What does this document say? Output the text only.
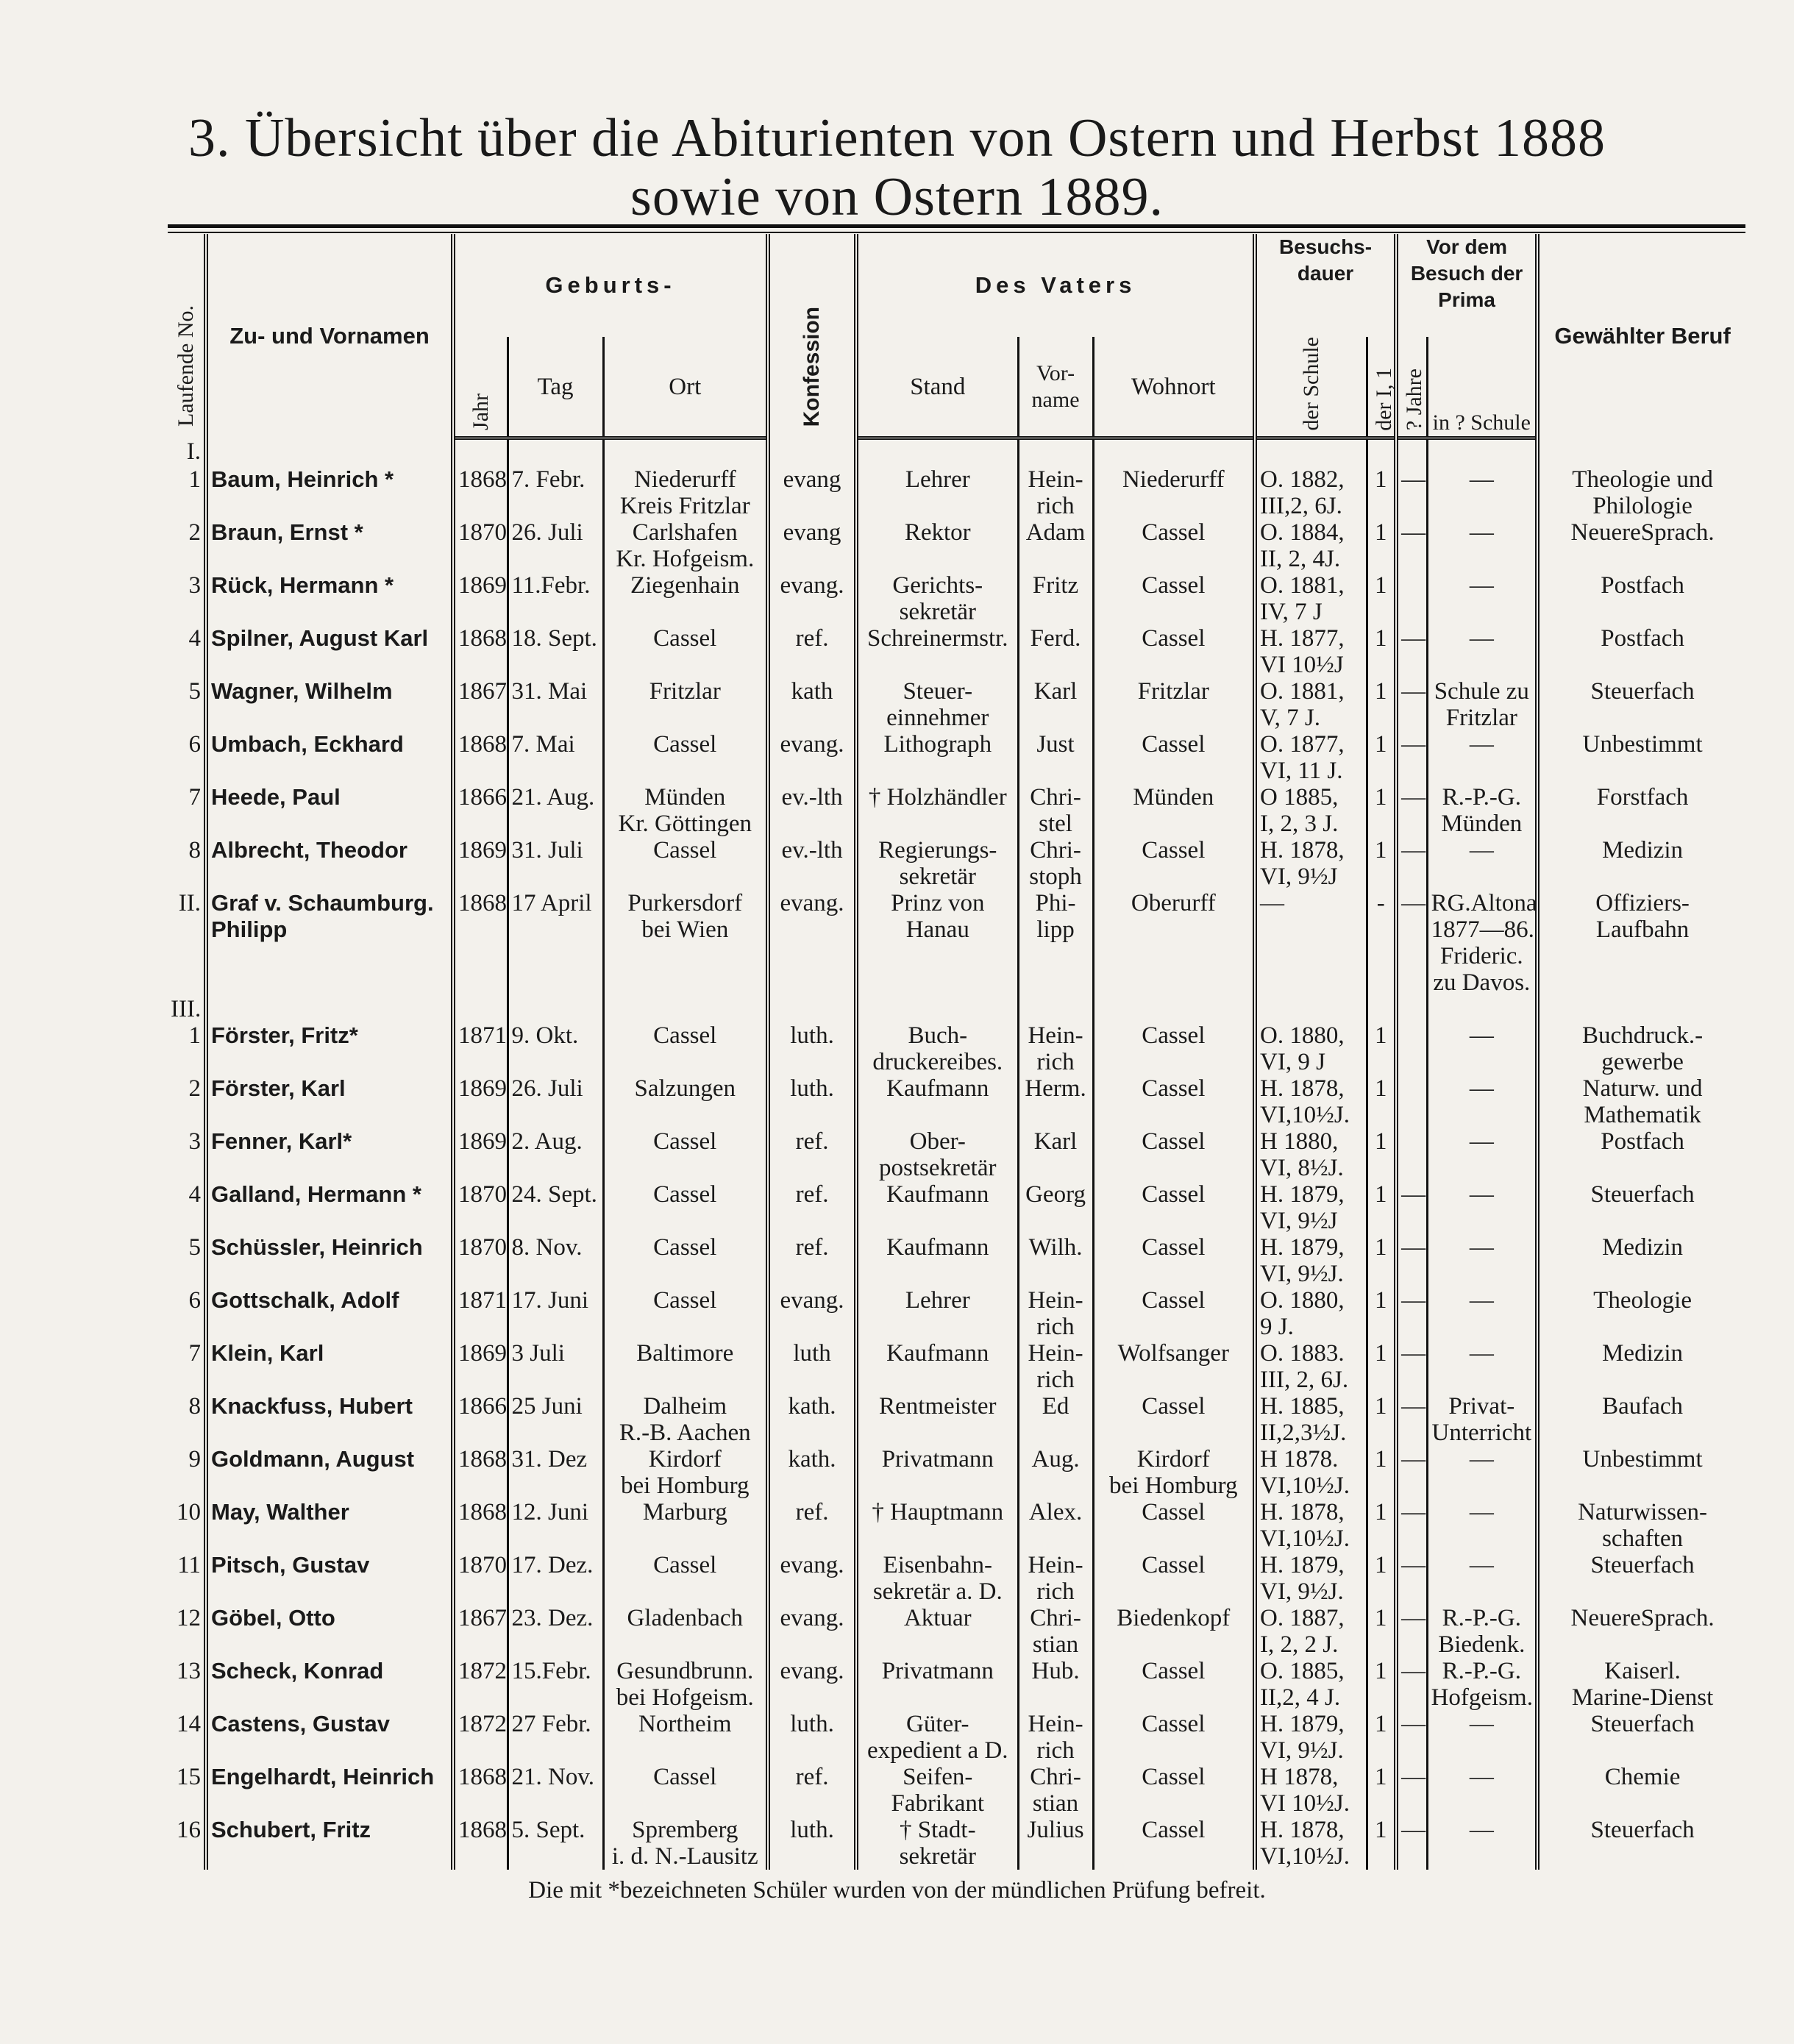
3. Übersicht über die Abiturienten von Ostern und Herbst 1888
sowie von Ostern 1889.
Laufende No.	Zu- und Vornamen	Geburts-			Konfession	Des Vaters			Besuchs-dauer		Vor dem Besuch der Prima		Gewählter Beruf
		Jahr	Tag	Ort		Stand	Vor-name	Wohnort	der Schule	der I, 1	? Jahre	in ? Schule	
I.													

1	Baum, Heinrich *	1868	7. Febr.	Niederurff
Kreis Fritzlar	evang	Lehrer	Hein-
rich	Niederurff	O. 1882,
III,2, 6J.	1	—	—	Theologie und
Philologie

2	Braun, Ernst *	1870	26. Juli	Carlshafen
Kr. Hofgeism.	evang	Rektor	Adam	Cassel	O. 1884,
II, 2, 4J.	1	—	—	NeuereSprach.

3	Rück, Hermann *	1869	11.Febr.	Ziegenhain	evang.	Gerichts-
sekretär	Fritz	Cassel	O. 1881,
IV, 7 J	1		—	Postfach

4	Spilner, August Karl	1868	18. Sept.	Cassel	ref.	Schreinermstr.	Ferd.	Cassel	H. 1877,
VI 10½J	1	—	—	Postfach

5	Wagner, Wilhelm	1867	31. Mai	Fritzlar	kath	Steuer-
einnehmer	Karl	Fritzlar	O. 1881,
V, 7 J.	1	—	Schule zu
Fritzlar	Steuerfach

6	Umbach, Eckhard	1868	7. Mai	Cassel	evang.	Lithograph	Just	Cassel	O. 1877,
VI, 11 J.	1	—	—	Unbestimmt

7	Heede, Paul	1866	21. Aug.	Münden
Kr. Göttingen	ev.-lth	† Holzhändler	Chri-
stel	Münden	O 1885,
I, 2, 3 J.	1	—	R.-P.-G.
Münden	Forstfach

8	Albrecht, Theodor	1869	31. Juli	Cassel	ev.-lth	Regierungs-
sekretär	Chri-
stoph	Cassel	H. 1878,
VI, 9½J	1	—	—	Medizin

II.	Graf v. Schaumburg.
Philipp	1868	17 April	Purkersdorf
bei Wien	evang.	Prinz von
Hanau	Phi-
lipp	Oberurff	—	-	—	RG.Altona
1877—86.
Frideric.
zu Davos.	Offiziers-
Laufbahn

III.													

1	Förster, Fritz*	1871	9. Okt.	Cassel	luth.	Buch-
druckereibes.	Hein-
rich	Cassel	O. 1880,
VI, 9 J	1		—	Buchdruck.-
gewerbe

2	Förster, Karl	1869	26. Juli	Salzungen	luth.	Kaufmann	Herm.	Cassel	H. 1878,
VI,10½J.	1		—	Naturw. und
Mathematik

3	Fenner, Karl*	1869	2. Aug.	Cassel	ref.	Ober-
postsekretär	Karl	Cassel	H 1880,
VI, 8½J.	1		—	Postfach

4	Galland, Hermann *	1870	24. Sept.	Cassel	ref.	Kaufmann	Georg	Cassel	H. 1879,
VI, 9½J	1	—	—	Steuerfach

5	Schüssler, Heinrich	1870	8. Nov.	Cassel	ref.	Kaufmann	Wilh.	Cassel	H. 1879,
VI, 9½J.	1	—	—	Medizin

6	Gottschalk, Adolf	1871	17. Juni	Cassel	evang.	Lehrer	Hein-
rich	Cassel	O. 1880,
9 J.	1	—	—	Theologie

7	Klein, Karl	1869	3 Juli	Baltimore	luth	Kaufmann	Hein-
rich	Wolfsanger	O. 1883.
III, 2, 6J.	1	—	—	Medizin

8	Knackfuss, Hubert	1866	25 Juni	Dalheim
R.-B. Aachen	kath.	Rentmeister	Ed	Cassel	H. 1885,
II,2,3½J.	1	—	Privat-
Unterricht	Baufach

9	Goldmann, August	1868	31. Dez	Kirdorf
bei Homburg	kath.	Privatmann	Aug.	Kirdorf
bei Homburg	H 1878.
VI,10½J.	1	—	—	Unbestimmt

10	May, Walther	1868	12. Juni	Marburg	ref.	† Hauptmann	Alex.	Cassel	H. 1878,
VI,10½J.	1	—	—	Naturwissen-
schaften

11	Pitsch, Gustav	1870	17. Dez.	Cassel	evang.	Eisenbahn-
sekretär a. D.	Hein-
rich	Cassel	H. 1879,
VI, 9½J.	1	—	—	Steuerfach

12	Göbel, Otto	1867	23. Dez.	Gladenbach	evang.	Aktuar	Chri-
stian	Biedenkopf	O. 1887,
I, 2, 2 J.	1	—	R.-P.-G.
Biedenk.	NeuereSprach.

13	Scheck, Konrad	1872	15.Febr.	Gesundbrunn.
bei Hofgeism.	evang.	Privatmann	Hub.	Cassel	O. 1885,
II,2, 4 J.	1	—	R.-P.-G.
Hofgeism.	Kaiserl.
Marine-Dienst

14	Castens, Gustav	1872	27 Febr.	Northeim	luth.	Güter-
expedient a D.	Hein-
rich	Cassel	H. 1879,
VI, 9½J.	1	—	—	Steuerfach

15	Engelhardt, Heinrich	1868	21. Nov.	Cassel	ref.	Seifen-
Fabrikant	Chri-
stian	Cassel	H 1878,
VI 10½J.	1	—	—	Chemie

16	Schubert, Fritz	1868	5. Sept.	Spremberg
i. d. N.-Lausitz	luth.	† Stadt-
sekretär	Julius	Cassel	H. 1878,
VI,10½J.	1	—	—	Steuerfach
Die mit *bezeichneten Schüler wurden von der mündlichen Prüfung befreit.
